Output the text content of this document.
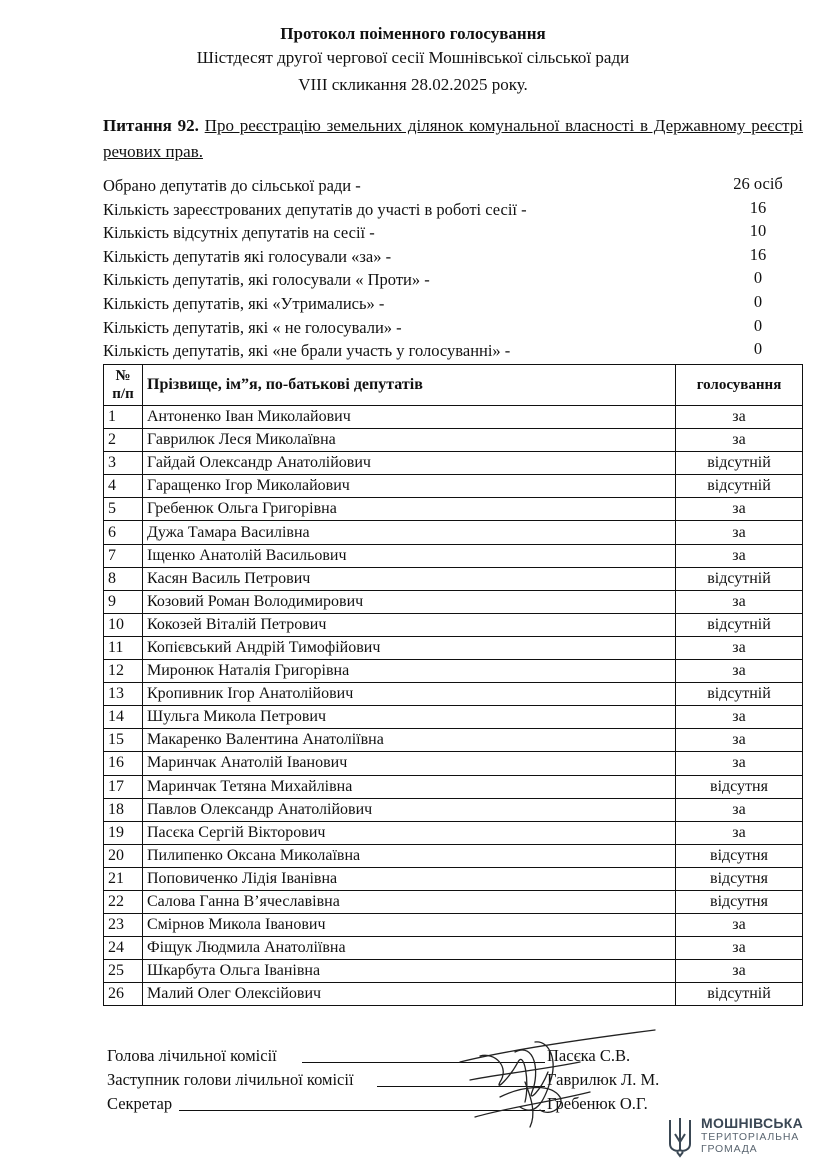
Протокол поіменного голосування
Шістдесят другої чергової сесії Мошнівської сільської ради
VIII скликання 28.02.2025 року.
Питання 92. Про реєстрацію земельних ділянок комунальної власності в Державному реєстрі речових прав.
Обрано депутатів до сільської ради -	26 осіб
Кількість зареєстрованих депутатів до участі в роботі сесії -	16
Кількість відсутніх депутатів на сесії -	10
Кількість депутатів які голосували «за» -	16
Кількість депутатів, які голосували « Проти» -	0
Кількість депутатів, які «Утримались» -	0
Кількість депутатів, які « не голосували» -	0
Кількість депутатів, які «не брали участь у голосуванні» -	0
№ п/п	Прізвище, ім”я, по-батькові депутатів	голосування
1	Антоненко Іван Миколайович	за
2	Гаврилюк Леся Миколаївна	за
3	Гайдай Олександр Анатолійович	відсутній
4	Гаращенко Ігор Миколайович	відсутній
5	Гребенюк Ольга Григорівна	за
6	Дужа Тамара Василівна	за
7	Іщенко Анатолій Васильович	за
8	Касян Василь Петрович	відсутній
9	Козовий Роман Володимирович	за
10	Кокозей Віталій Петрович	відсутній
11	Копієвський Андрій Тимофійович	за
12	Миронюк Наталія Григорівна	за
13	Кропивник Ігор Анатолійович	відсутній
14	Шульга Микола Петрович	за
15	Макаренко Валентина Анатоліївна	за
16	Маринчак Анатолій Іванович	за
17	Маринчак Тетяна Михайлівна	відсутня
18	Павлов Олександр Анатолійович	за
19	Пасєка Сергій Вікторович	за
20	Пилипенко Оксана Миколаївна	відсутня
21	Поповиченко Лідія Іванівна	відсутня
22	Салова Ганна В’ячеславівна	відсутня
23	Смірнов Микола Іванович	за
24	Фіщук Людмила Анатоліївна	за
25	Шкарбута Ольга Іванівна	за
26	Малий Олег Олексійович	відсутній
Голова лічильної комісії	Пасєка С.В.
Заступник голови лічильної комісії	Гаврилюк Л. М.
Секретар	Гребенюк О.Г.
МОШНІВСЬКА
ТЕРИТОРІАЛЬНА
ГРОМАДА
